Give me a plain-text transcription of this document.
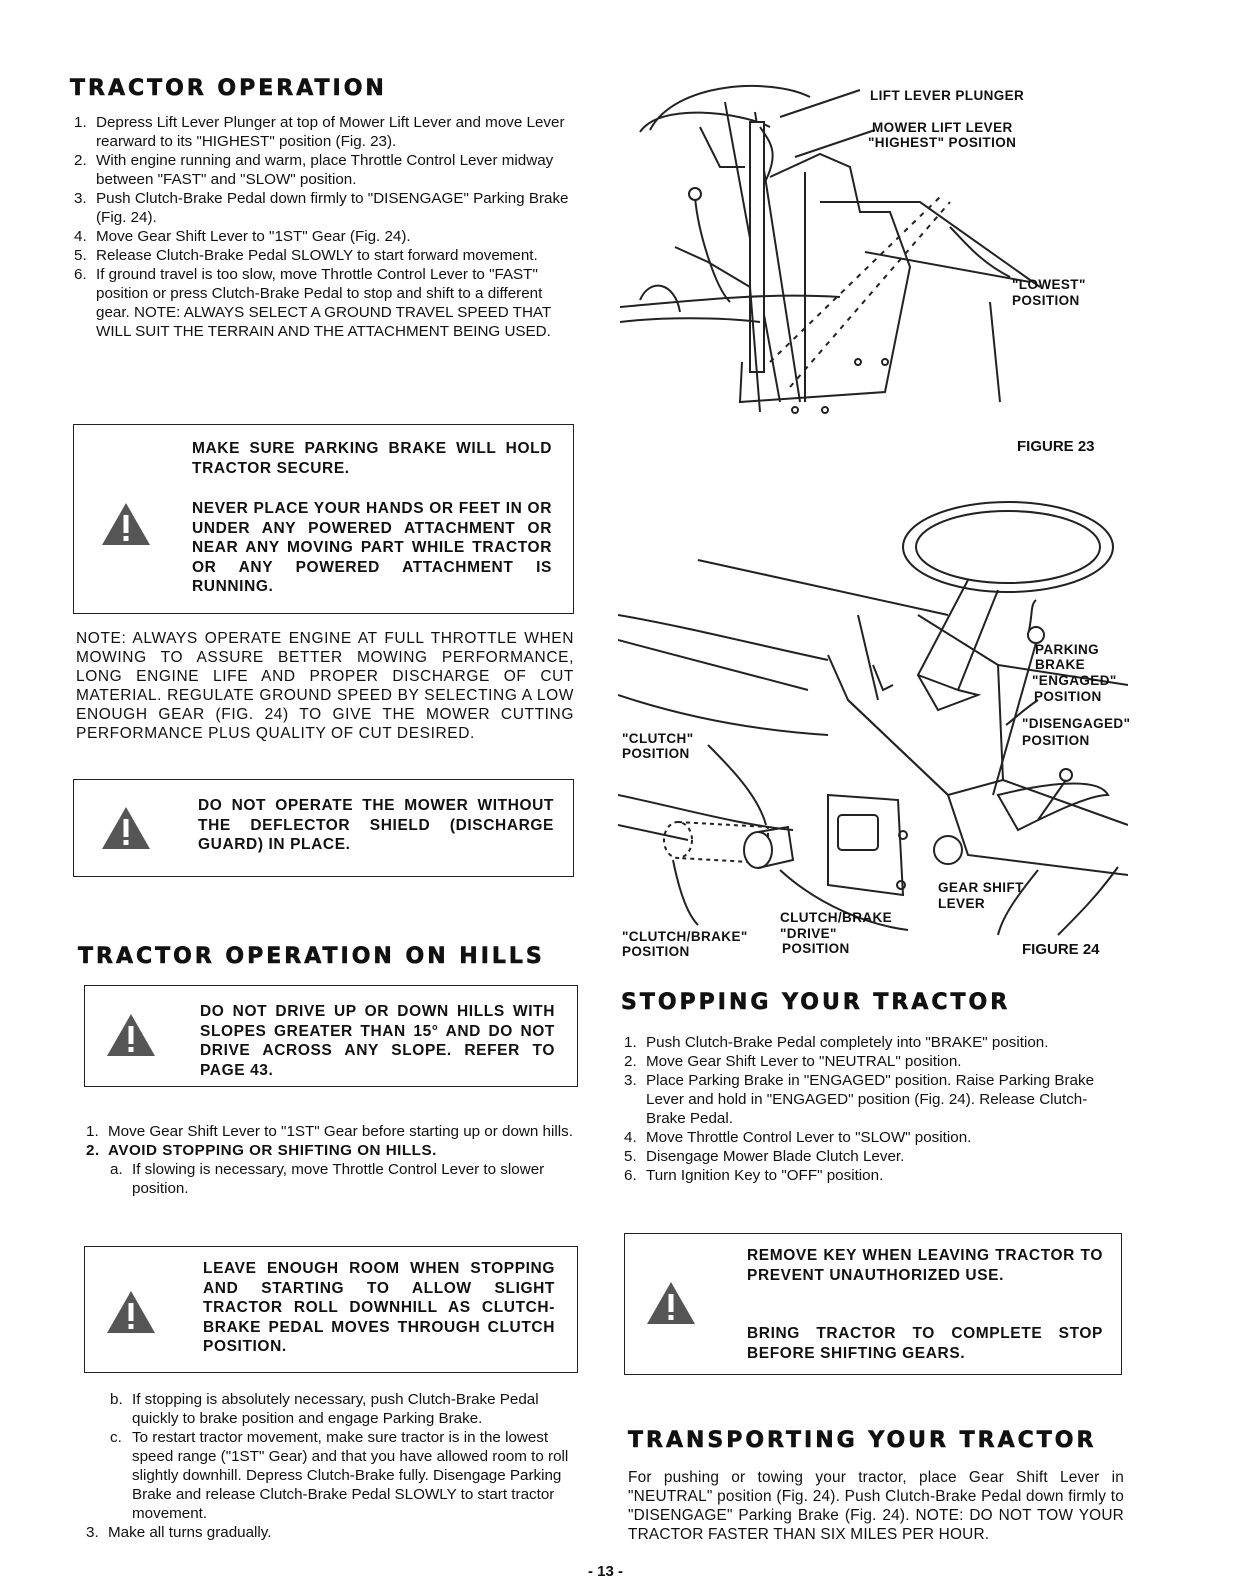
TRACTOR OPERATION
1. Depress Lift Lever Plunger at top of Mower Lift Lever and move Lever rearward to its "HIGHEST" position (Fig. 23).
2. With engine running and warm, place Throttle Control Lever midway between "FAST" and "SLOW" position.
3. Push Clutch-Brake Pedal down firmly to "DISENGAGE" Parking Brake (Fig. 24).
4. Move Gear Shift Lever to "1ST" Gear (Fig. 24).
5. Release Clutch-Brake Pedal SLOWLY to start forward movement.
6. If ground travel is too slow, move Throttle Control Lever to "FAST" position or press Clutch-Brake Pedal to stop and shift to a different gear. NOTE: ALWAYS SELECT A GROUND TRAVEL SPEED THAT WILL SUIT THE TERRAIN AND THE ATTACHMENT BEING USED.
MAKE SURE PARKING BRAKE WILL HOLD TRACTOR SECURE.
NEVER PLACE YOUR HANDS OR FEET IN OR UNDER ANY POWERED ATTACHMENT OR NEAR ANY MOVING PART WHILE TRACTOR OR ANY POWERED ATTACHMENT IS RUNNING.
NOTE: ALWAYS OPERATE ENGINE AT FULL THROTTLE WHEN MOWING TO ASSURE BETTER MOWING PERFORMANCE, LONG ENGINE LIFE AND PROPER DISCHARGE OF CUT MATERIAL. REGULATE GROUND SPEED BY SELECTING A LOW ENOUGH GEAR (FIG. 24) TO GIVE THE MOWER CUTTING PERFORMANCE PLUS QUALITY OF CUT DESIRED.
DO NOT OPERATE THE MOWER WITHOUT THE DEFLECTOR SHIELD (DISCHARGE GUARD) IN PLACE.
TRACTOR OPERATION ON HILLS
DO NOT DRIVE UP OR DOWN HILLS WITH SLOPES GREATER THAN 15° AND DO NOT DRIVE ACROSS ANY SLOPE. REFER TO PAGE 43.
1. Move Gear Shift Lever to "1ST" Gear before starting up or down hills.
2. AVOID STOPPING OR SHIFTING ON HILLS.
a. If slowing is necessary, move Throttle Control Lever to slower position.
LEAVE ENOUGH ROOM WHEN STOPPING AND STARTING TO ALLOW SLIGHT TRACTOR ROLL DOWNHILL AS CLUTCH-BRAKE PEDAL MOVES THROUGH CLUTCH POSITION.
b. If stopping is absolutely necessary, push Clutch-Brake Pedal quickly to brake position and engage Parking Brake.
c. To restart tractor movement, make sure tractor is in the lowest speed range ("1ST" Gear) and that you have allowed room to roll slightly downhill. Depress Clutch-Brake fully. Disengage Parking Brake and release Clutch-Brake Pedal SLOWLY to start tractor movement.
3. Make all turns gradually.
- 13 -
LIFT LEVER PLUNGER
MOWER LIFT LEVER
"HIGHEST" POSITION
"LOWEST"
POSITION
FIGURE 23
PARKING
BRAKE
"ENGAGED"
POSITION
"DISENGAGED"
POSITION
"CLUTCH"
POSITION
GEAR SHIFT
LEVER
CLUTCH/BRAKE
"DRIVE"
POSITION
"CLUTCH/BRAKE"
POSITION	FIGURE 24
STOPPING YOUR TRACTOR
1. Push Clutch-Brake Pedal completely into "BRAKE" position.
2. Move Gear Shift Lever to "NEUTRAL" position.
3. Place Parking Brake in "ENGAGED" position. Raise Parking Brake Lever and hold in "ENGAGED" position (Fig. 24). Release Clutch-Brake Pedal.
4. Move Throttle Control Lever to "SLOW" position.
5. Disengage Mower Blade Clutch Lever.
6. Turn Ignition Key to "OFF" position.
REMOVE KEY WHEN LEAVING TRACTOR TO PREVENT UNAUTHORIZED USE.
BRING TRACTOR TO COMPLETE STOP BEFORE SHIFTING GEARS.
TRANSPORTING YOUR TRACTOR
For pushing or towing your tractor, place Gear Shift Lever in "NEUTRAL" position (Fig. 24). Push Clutch-Brake Pedal down firmly to "DISENGAGE" Parking Brake (Fig. 24). NOTE: DO NOT TOW YOUR TRACTOR FASTER THAN SIX MILES PER HOUR.
